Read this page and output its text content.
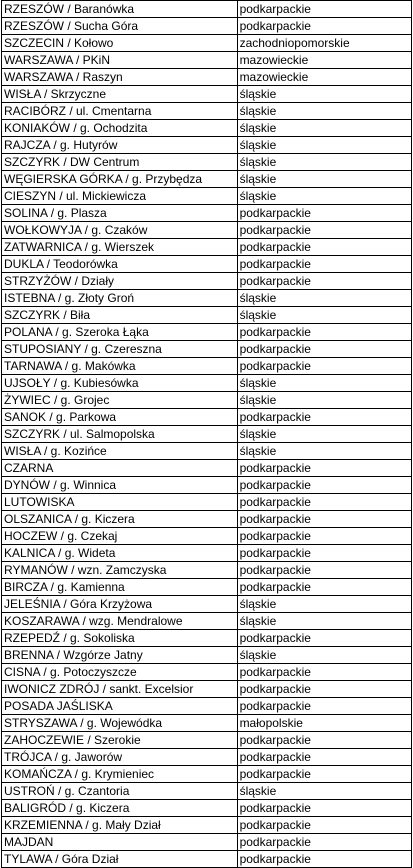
RZESZÓW / Baranówka	podkarpackie
RZESZÓW / Sucha Góra	podkarpackie
SZCZECIN / Kołowo	zachodniopomorskie
WARSZAWA / PKiN	mazowieckie
WARSZAWA / Raszyn	mazowieckie
WISŁA / Skrzyczne	śląskie
RACIBÓRZ / ul. Cmentarna	śląskie
KONIAKÓW / g. Ochodzita	śląskie
RAJCZA / g. Hutyrów	śląskie
SZCZYRK / DW Centrum	śląskie
WĘGIERSKA GÓRKA / g. Przybędza	śląskie
CIESZYN / ul. Mickiewicza	śląskie
SOLINA / g. Plasza	podkarpackie
WOŁKOWYJA / g. Czaków	podkarpackie
ZATWARNICA / g. Wierszek	podkarpackie
DUKLA / Teodorówka	podkarpackie
STRZYŻÓW / Działy	podkarpackie
ISTEBNA / g. Złoty Groń	śląskie
SZCZYRK / Biła	śląskie
POLANA / g. Szeroka Łąka	podkarpackie
STUPOSIANY / g. Czereszna	podkarpackie
TARNAWA / g. Makówka	podkarpackie
UJSOŁY / g. Kubiesówka	śląskie
ŻYWIEC / g. Grojec	śląskie
SANOK / g. Parkowa	podkarpackie
SZCZYRK / ul. Salmopolska	śląskie
WISŁA / g. Kozińce	śląskie
CZARNA	podkarpackie
DYNÓW / g. Winnica	podkarpackie
LUTOWISKA	podkarpackie
OLSZANICA / g. Kiczera	podkarpackie
HOCZEW / g. Czekaj	podkarpackie
KALNICA / g. Wideta	podkarpackie
RYMANÓW / wzn. Zamczyska	podkarpackie
BIRCZA / g. Kamienna	podkarpackie
JELEŚNIA / Góra Krzyżowa	śląskie
KOSZARAWA / wzg. Mendralowe	śląskie
RZEPEDŹ / g. Sokoliska	podkarpackie
BRENNA / Wzgórze Jatny	śląskie
CISNA / g. Potoczyszcze	podkarpackie
IWONICZ ZDRÓJ / sankt. Excelsior	podkarpackie
POSADA JAŚLISKA	podkarpackie
STRYSZAWA / g. Wojewódka	małopolskie
ZAHOCZEWIE / Szerokie	podkarpackie
TRÓJCA / g. Jaworów	podkarpackie
KOMAŃCZA / g. Krymieniec	podkarpackie
USTROŃ / g. Czantoria	śląskie
BALIGRÓD / g. Kiczera	podkarpackie
KRZEMIENNA / g. Mały Dział	podkarpackie
MAJDAN	podkarpackie
TYLAWA / Góra Dział	podkarpackie
